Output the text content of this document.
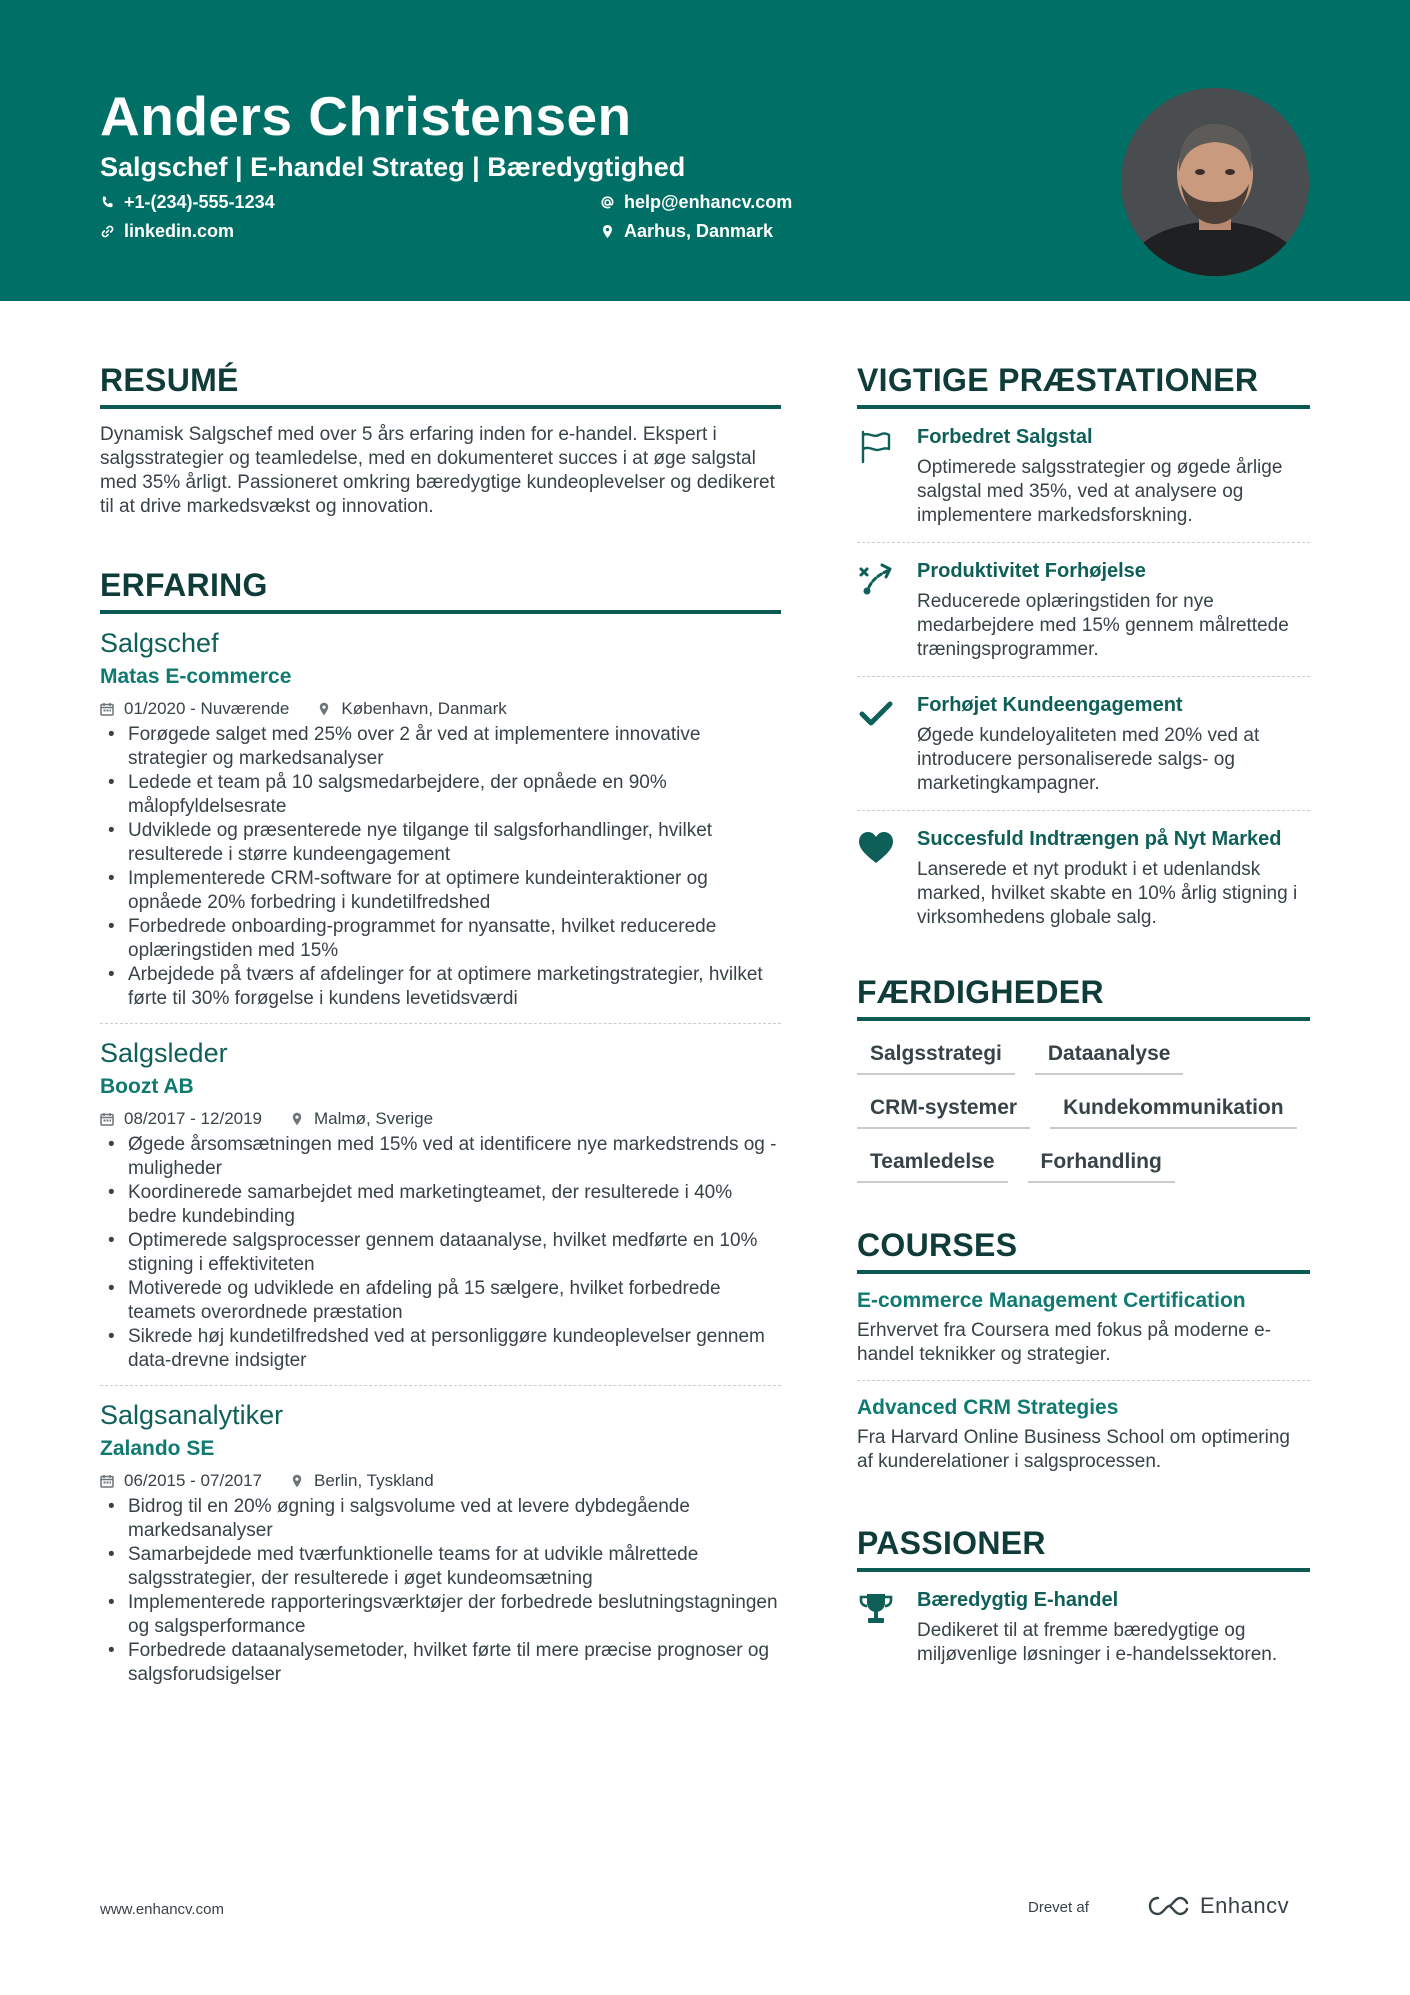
Anders Christensen
Salgschef | E-handel Strateg | Bæredygtighed
+1-(234)-555-1234	help@enhancv.com
linkedin.com	Aarhus, Danmark
RESUMÉ

Dynamisk Salgschef med over 5 års erfaring inden for e-handel. Ekspert i salgsstrategier og teamledelse, med en dokumenteret succes i at øge salgstal med 35% årligt. Passioneret omkring bæredygtige kundeoplevelser og dedikeret til at drive markedsvækst og innovation.

ERFARING
Salgschef
Matas E-commerce
01/2020 - Nuværende	København, Danmark
• Forøgede salget med 25% over 2 år ved at implementere innovative strategier og markedsanalyser
• Ledede et team på 10 salgsmedarbejdere, der opnåede en 90% målopfyldelsesrate
• Udviklede og præsenterede nye tilgange til salgsforhandlinger, hvilket resulterede i større kundeengagement
• Implementerede CRM-software for at optimere kundeinteraktioner og opnåede 20% forbedring i kundetilfredshed
• Forbedrede onboarding-programmet for nyansatte, hvilket reducerede oplæringstiden med 15%
• Arbejdede på tværs af afdelinger for at optimere marketingstrategier, hvilket førte til 30% forøgelse i kundens levetidsværdi
Salgsleder
Boozt AB
08/2017 - 12/2019	Malmø, Sverige
• Øgede årsomsætningen med 15% ved at identificere nye markedstrends og -muligheder
• Koordinerede samarbejdet med marketingteamet, der resulterede i 40% bedre kundebinding
• Optimerede salgsprocesser gennem dataanalyse, hvilket medførte en 10% stigning i effektiviteten
• Motiverede og udviklede en afdeling på 15 sælgere, hvilket forbedrede teamets overordnede præstation
• Sikrede høj kundetilfredshed ved at personliggøre kundeoplevelser gennem data-drevne indsigter
Salgsanalytiker
Zalando SE
06/2015 - 07/2017	Berlin, Tyskland
• Bidrog til en 20% øgning i salgsvolume ved at levere dybdegående markedsanalyser
• Samarbejdede med tværfunktionelle teams for at udvikle målrettede salgsstrategier, der resulterede i øget kundeomsætning
• Implementerede rapporteringsværktøjer der forbedrede beslutningstagningen og salgsperformance
• Forbedrede dataanalysemetoder, hvilket førte til mere præcise prognoser og salgsforudsigelser
VIGTIGE PRÆSTATIONER
Forbedret Salgstal
Optimerede salgsstrategier og øgede årlige salgstal med 35%, ved at analysere og implementere markedsforskning.
Produktivitet Forhøjelse
Reducerede oplæringstiden for nye medarbejdere med 15% gennem målrettede træningsprogrammer.
Forhøjet Kundeengagement
Øgede kundeloyaliteten med 20% ved at introducere personaliserede salgs- og marketingkampagner.
Succesfuld Indtrængen på Nyt Marked
Lanserede et nyt produkt i et udenlandsk marked, hvilket skabte en 10% årlig stigning i virksomhedens globale salg.
FÆRDIGHEDER
Salgsstrategi	Dataanalyse
CRM-systemer	Kundekommunikation
Teamledelse	Forhandling
COURSES
E-commerce Management Certification
Erhvervet fra Coursera med fokus på moderne e-handel teknikker og strategier.
Advanced CRM Strategies
Fra Harvard Online Business School om optimering af kunderelationer i salgsprocessen.
PASSIONER
Bæredygtig E-handel
Dedikeret til at fremme bæredygtige og miljøvenlige løsninger i e-handelssektoren.
www.enhancv.com	Drevet af	Enhancv
